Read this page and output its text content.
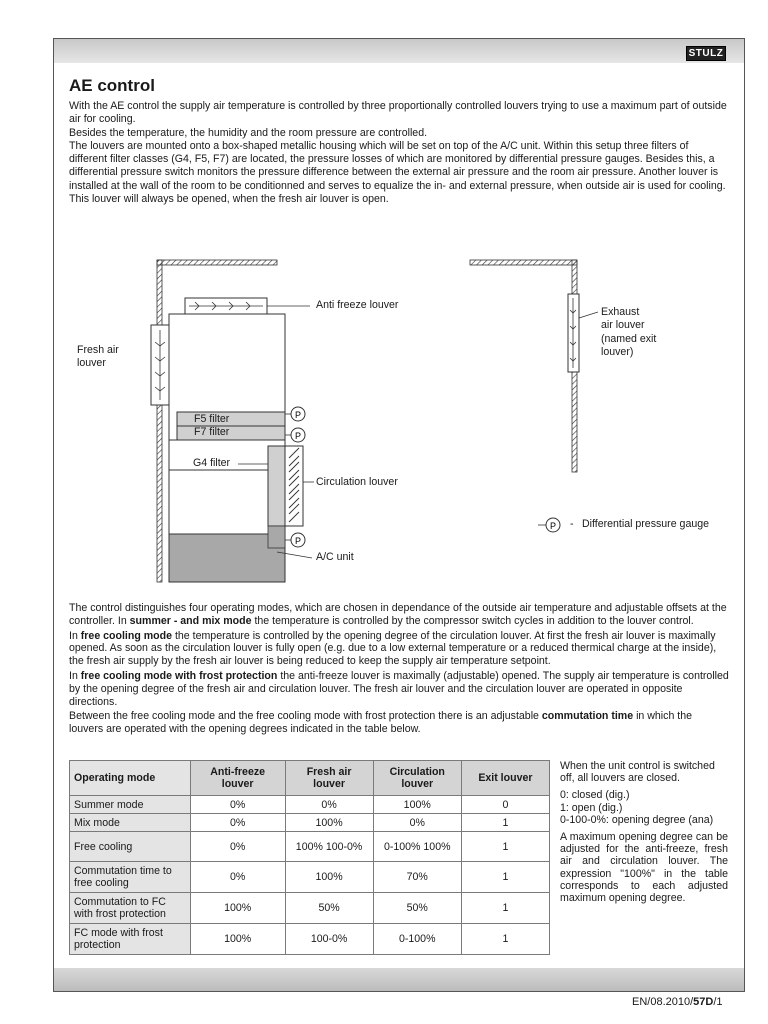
STULZ
AE control

With the AE control the supply air temperature is controlled by three proportionally controlled louvers trying to use a maximum part of outside air for cooling.

Besides the temperature, the humidity and the room pressure are controlled.

The louvers are mounted onto a box-shaped metallic housing which will be set on top of the A/C unit. Within this setup three filters of different filter classes (G4, F5, F7) are located, the pressure losses of which are monitored by differential pressure gauges. Besides this, a differential pressure switch monitors the pressure difference between the external air pressure and the room air pressure. Another louver is installed at the wall of the room to be conditionned and serves to equalize the in- and external pressure, when outside air is used for cooling. This louver will always be opened, when the fresh air louver is open.

P
P
P
P
Anti freeze louver
Fresh air
louver
F5 filter
F7 filter
G4 filter
Circulation louver
A/C unit
Exhaust
air louver
(named exit
louver)
- Differential pressure gauge

The control distinguishes four operating modes, which are chosen in dependance of the outside air temperature and adjustable offsets at the controller. In summer - and mix mode the temperature is controlled by the compressor switch cycles in addition to the louver control.

In free cooling mode the temperature is controlled by the opening degree of the circulation louver. At first the fresh air louver is maximally opened. As soon as the circulation louver is fully open (e.g. due to a low external temperature or a reduced thermical charge at the inside), the fresh air supply by the fresh air louver is being reduced to keep the supply air temperature setpoint.

In free cooling mode with frost protection the anti-freeze louver is maximally (adjustable) opened. The supply air temperature is controlled by the opening degree of the fresh air and circulation louver. The fresh air louver and the circulation louver are operated in opposite directions.

Between the free cooling mode and the free cooling mode with frost protection there is an adjustable commutation time in which the louvers are operated with the opening degrees indicated in the table below.

Operating mode	Anti-freeze louver	Fresh air louver	Circulation louver	Exit louver
Summer mode	0%	0%	100%	0
Mix mode	0%	100%	0%	1
Free cooling	0%	100% 100-0%	0-100% 100%	1
Commutation time to free cooling	0%	100%	70%	1
Commutation to FC with frost protection	100%	50%	50%	1
FC mode with frost protection	100%	100-0%	0-100%	1

When the unit control is switched off, all louvers are closed.

0: closed (dig.)

1: open (dig.)

0-100-0%: opening degree (ana)

A maximum opening degree can be adjusted for the anti-freeze, fresh air and circulation louver. The expression "100%" in the table corresponds to each adjusted maximum opening degree.

EN/08.2010/57D/1
